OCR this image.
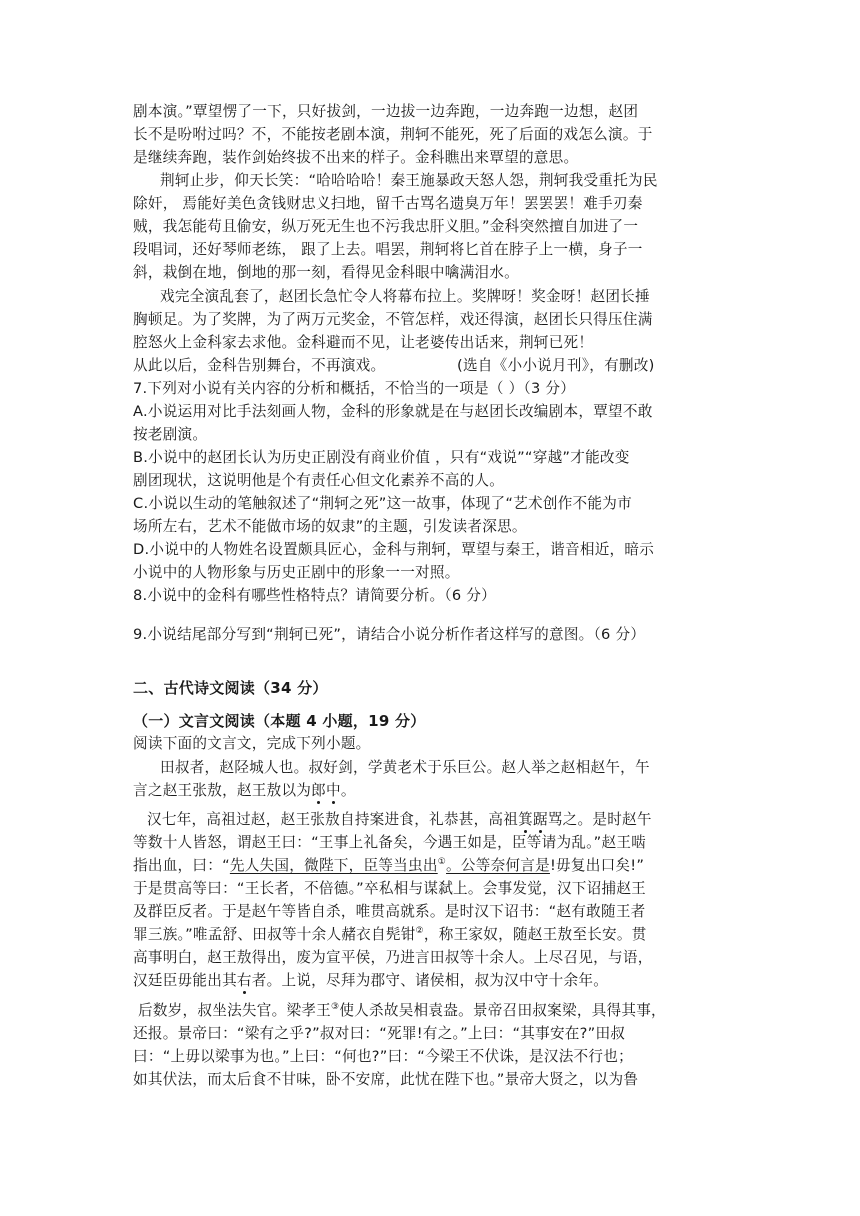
剧本演。”覃望愣了一下，只好拔剑，一边拔一边奔跑，一边奔跑一边想，赵团
长不是吩咐过吗？不，不能按老剧本演，荆轲不能死，死了后面的戏怎么演。于
是继续奔跑，装作剑始终拔不出来的样子。金科瞧出来覃望的意思。
荆轲止步，仰天长笑：“哈哈哈哈！秦王施暴政天怒人怨，荆轲我受重托为民
除奸， 焉能好美色贪钱财忠义扫地，留千古骂名遗臭万年！罢罢罢！难手刃秦
贼，我怎能苟且偷安，纵万死无生也不污我忠肝义胆。”金科突然擅自加进了一
段唱词，还好琴师老练， 跟了上去。唱罢，荆轲将匕首在脖子上一横，身子一
斜，栽倒在地，倒地的那一刻，看得见金科眼中噙满泪水。
戏完全演乱套了，赵团长急忙令人将幕布拉上。奖牌呀！奖金呀！赵团长捶
胸顿足。为了奖牌，为了两万元奖金，不管怎样，戏还得演，赵团长只得压住满
腔怒火上金科家去求他。金科避而不见，让老婆传出话来，荆轲已死！
从此以后，金科告别舞台，不再演戏。	(选自《小小说月刊》，有删改)
7.下列对小说有关内容的分析和概括，不恰当的一项是（ ）（3 分）
A.小说运用对比手法刻画人物，金科的形象就是在与赵团长改编剧本，覃望不敢
按老剧演。
B.小说中的赵团长认为历史正剧没有商业价值 ，只有“戏说”“穿越”才能改变
剧团现状，这说明他是个有责任心但文化素养不高的人。
C.小说以生动的笔触叙述了“荆轲之死”这一故事，体现了“艺术创作不能为市
场所左右，艺术不能做市场的奴隶”的主题，引发读者深思。
D.小说中的人物姓名设置颇具匠心，金科与荆轲，覃望与秦王，谐音相近，暗示
小说中的人物形象与历史正剧中的形象一一对照。
8.小说中的金科有哪些性格特点？请简要分析。（6 分）
9.小说结尾部分写到“荆轲已死”，请结合小说分析作者这样写的意图。（6 分）
二、古代诗文阅读（34 分）
（一）文言文阅读（本题 4 小题，19 分）
阅读下面的文言文，完成下列小题。
田叔者，赵陉城人也。叔好剑，学黄老术于乐巨公。赵人举之赵相赵午，午
言之赵王张敖，赵王敖以为郎中。
汉七年，高祖过赵，赵王张敖自持案进食，礼恭甚，高祖箕踞骂之。是时赵午
等数十人皆怒，谓赵王曰：“王事上礼备矣，今遇王如是，臣等请为乱。”赵王啮
指出血，曰：“先人失国，微陛下，臣等当虫出①。公等奈何言是!毋复出口矣!”
于是贯高等曰：“王长者，不倍德。”卒私相与谋弑上。会事发觉，汉下诏捕赵王
及群臣反者。于是赵午等皆自杀，唯贯高就系。是时汉下诏书：“赵有敢随王者
罪三族。”唯孟舒、田叔等十余人赭衣自髡钳②，称王家奴，随赵王敖至长安。贯
高事明白，赵王敖得出，废为宣平侯，乃进言田叔等十余人。上尽召见，与语，
汉廷臣毋能出其右者。上说，尽拜为郡守、诸侯相，叔为汉中守十余年。
后数岁，叔坐法失官。梁孝王③使人杀故吴相袁盎。景帝召田叔案梁，具得其事，
还报。景帝曰：“梁有之乎?”叔对曰：“死罪!有之。”上曰：“其事安在?”田叔
曰：“上毋以梁事为也。”上曰：“何也?”曰：“今梁王不伏诛，是汉法不行也；
如其伏法，而太后食不甘味，卧不安席，此忧在陛下也。”景帝大贤之，以为鲁
